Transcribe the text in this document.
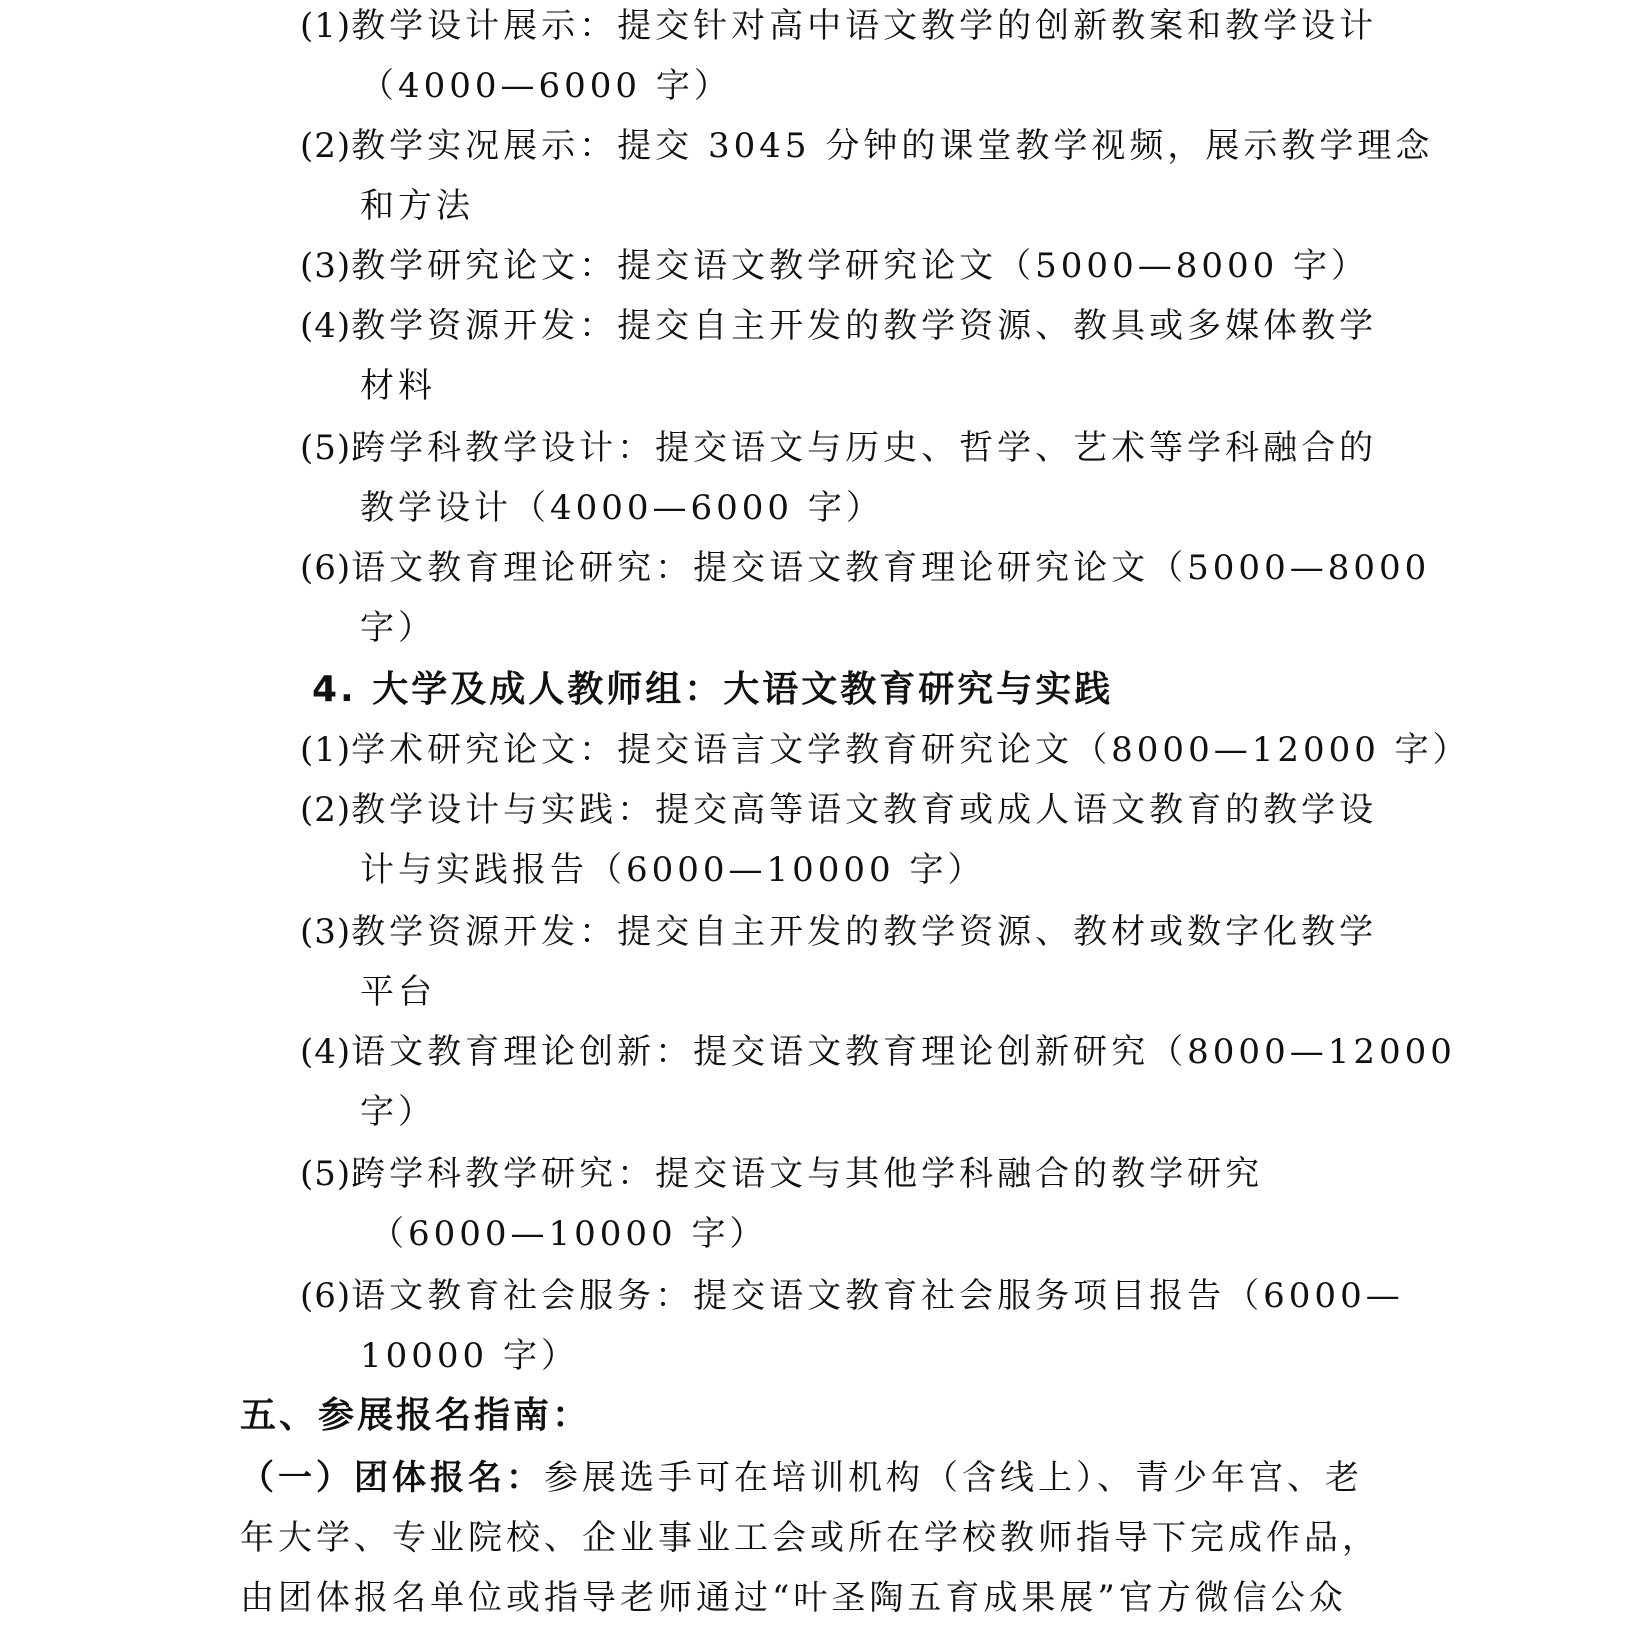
(1)教学设计展示：提交针对高中语文教学的创新教案和教学设计
（4000—6000 字）
(2)教学实况展示：提交 3045 分钟的课堂教学视频，展示教学理念
和方法
(3)教学研究论文：提交语文教学研究论文（5000—8000 字）
(4)教学资源开发：提交自主开发的教学资源、教具或多媒体教学
材料
(5)跨学科教学设计：提交语文与历史、哲学、艺术等学科融合的
教学设计（4000—6000 字）
(6)语文教育理论研究：提交语文教育理论研究论文（5000—8000
字）
4. 大学及成人教师组：大语文教育研究与实践
(1)学术研究论文：提交语言文学教育研究论文（8000—12000 字）
(2)教学设计与实践：提交高等语文教育或成人语文教育的教学设
计与实践报告（6000—10000 字）
(3)教学资源开发：提交自主开发的教学资源、教材或数字化教学
平台
(4)语文教育理论创新：提交语文教育理论创新研究（8000—12000
字）
(5)跨学科教学研究：提交语文与其他学科融合的教学研究
（6000—10000 字）
(6)语文教育社会服务：提交语文教育社会服务项目报告（6000—
10000 字）
五、参展报名指南：
（一）团体报名：参展选手可在培训机构（含线上）、青少年宫、老
年大学、专业院校、企业事业工会或所在学校教师指导下完成作品，
由团体报名单位或指导老师通过“叶圣陶五育成果展”官方微信公众
